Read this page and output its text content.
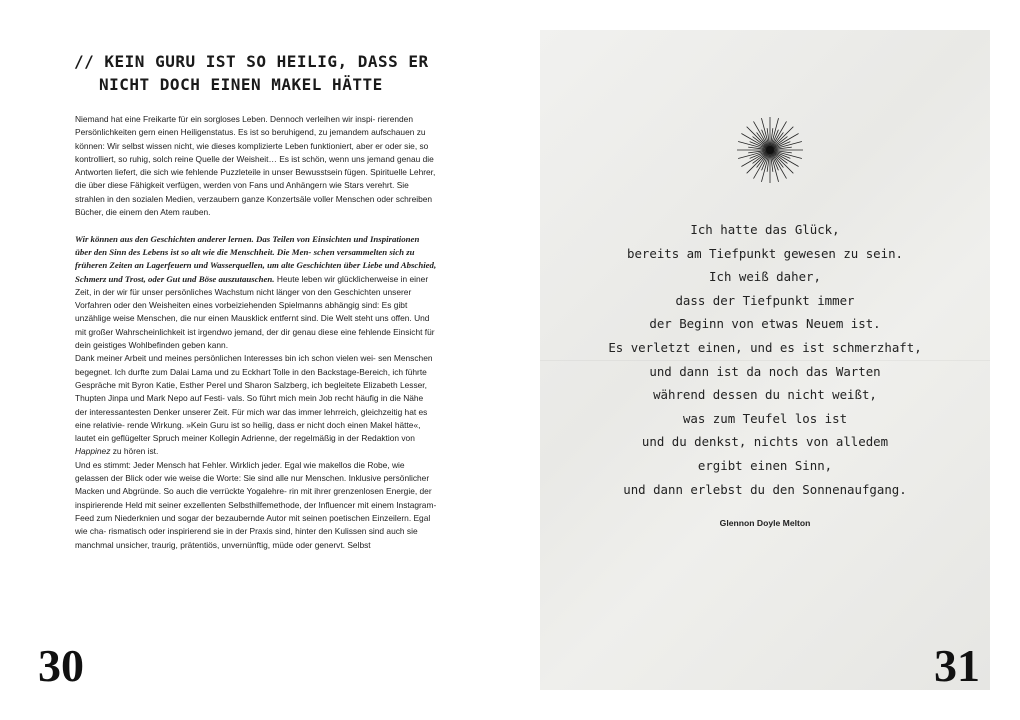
// KEIN GURU IST SO HEILIG, DASS ER
NICHT DOCH EINEN MAKEL HÄTTE

Niemand hat eine Freikarte für ein sorgloses Leben. Dennoch verleihen wir inspi- rierenden Persönlichkeiten gern einen Heiligenstatus. Es ist so beruhigend, zu jemandem aufschauen zu können: Wir selbst wissen nicht, wie dieses komplizierte Leben funktioniert, aber er oder sie, so kontrolliert, so ruhig, solch reine Quelle der Weisheit… Es ist schön, wenn uns jemand genau die Antworten liefert, die sich wie fehlende Puzzleteile in unser Bewusstsein fügen. Spirituelle Lehrer, die über diese Fähigkeit verfügen, werden von Fans und Anhängern wie Stars verehrt. Sie strahlen in den sozialen Medien, verzaubern ganze Konzertsäle voller Menschen oder schreiben Bücher, die einem den Atem rauben.

Wir können aus den Geschichten anderer lernen. Das Teilen von Einsichten und Inspirationen über den Sinn des Lebens ist so alt wie die Menschheit. Die Men- schen versammelten sich zu früheren Zeiten an Lagerfeuern und Wasserquellen, um alte Geschichten über Liebe und Abschied, Schmerz und Trost, oder Gut und Böse auszutauschen. Heute leben wir glücklicherweise in einer Zeit, in der wir für unser persönliches Wachstum nicht länger von den Geschichten unserer Vorfahren oder den Weisheiten eines vorbeiziehenden Spielmanns abhängig sind: Es gibt unzählige weise Menschen, die nur einen Mausklick entfernt sind. Die Welt steht uns offen. Und mit großer Wahrscheinlichkeit ist irgendwo jemand, der dir genau diese eine fehlende Einsicht für dein geistiges Wohlbefinden geben kann.

Dank meiner Arbeit und meines persönlichen Interesses bin ich schon vielen wei- sen Menschen begegnet. Ich durfte zum Dalai Lama und zu Eckhart Tolle in den Backstage-Bereich, ich führte Gespräche mit Byron Katie, Esther Perel und Sharon Salzberg, ich begleitete Elizabeth Lesser, Thupten Jinpa und Mark Nepo auf Festi- vals. So führt mich mein Job recht häufig in die Nähe der interessantesten Denker unserer Zeit. Für mich war das immer lehrreich, gleichzeitig hat es eine relativie- rende Wirkung. »Kein Guru ist so heilig, dass er nicht doch einen Makel hätte«, lautet ein geflügelter Spruch meiner Kollegin Adrienne, der regelmäßig in der Redaktion von Happinez zu hören ist.

Und es stimmt: Jeder Mensch hat Fehler. Wirklich jeder. Egal wie makellos die Robe, wie gelassen der Blick oder wie weise die Worte: Sie sind alle nur Menschen. Inklusive persönlicher Macken und Abgründe. So auch die verrückte Yogalehre- rin mit ihrer grenzenlosen Energie, der inspirierende Held mit seiner exzellenten Selbsthilfemethode, der Influencer mit einem Instagram-Feed zum Niederknien und sogar der bezaubernde Autor mit seinen poetischen Einzeilern. Egal wie cha- rismatisch oder inspirierend sie in der Praxis sind, hinter den Kulissen sind auch sie manchmal unsicher, traurig, prätentiös, unvernünftig, müde oder genervt. Selbst

30

Ich hatte das Glück,
bereits am Tiefpunkt gewesen zu sein.
Ich weiß daher,
dass der Tiefpunkt immer
der Beginn von etwas Neuem ist.
Es verletzt einen, und es ist schmerzhaft,
und dann ist da noch das Warten
während dessen du nicht weißt,
was zum Teufel los ist
und du denkst, nichts von alledem
ergibt einen Sinn,
und dann erlebst du den Sonnenaufgang.

Glennon Doyle Melton

31
